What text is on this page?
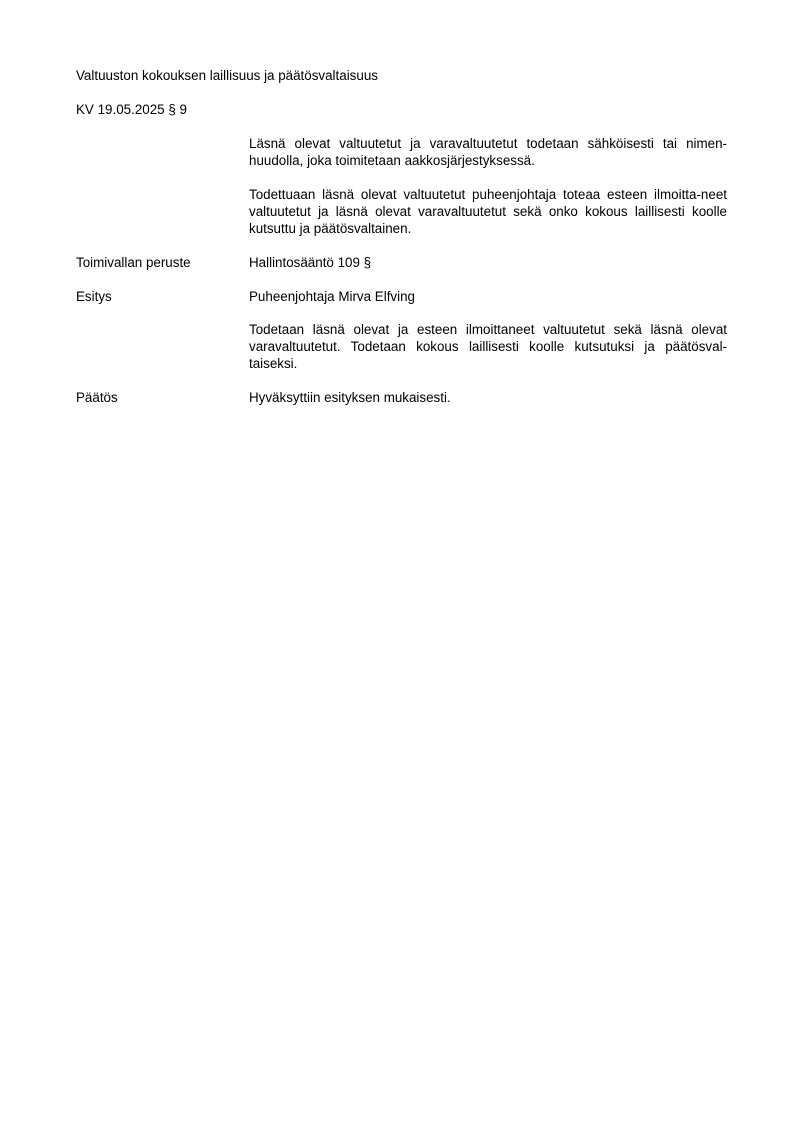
Valtuuston kokouksen laillisuus ja päätösvaltaisuus

KV 19.05.2025 § 9

Läsnä olevat valtuutetut ja varavaltuutetut todetaan sähköisesti tai nimen-huudolla, joka toimitetaan aakkosjärjestyksessä.

Todettuaan läsnä olevat valtuutetut puheenjohtaja toteaa esteen ilmoitta-neet valtuutetut ja läsnä olevat varavaltuutetut sekä onko kokous laillisesti koolle kutsuttu ja päätösvaltainen.

Toimivallan peruste	Hallintosääntö 109 §

Esitys	Puheenjohtaja Mirva Elfving

Todetaan läsnä olevat ja esteen ilmoittaneet valtuutetut sekä läsnä olevat varavaltuutetut. Todetaan kokous laillisesti koolle kutsutuksi ja päätösval-taiseksi.

Päätös	Hyväksyttiin esityksen mukaisesti.
